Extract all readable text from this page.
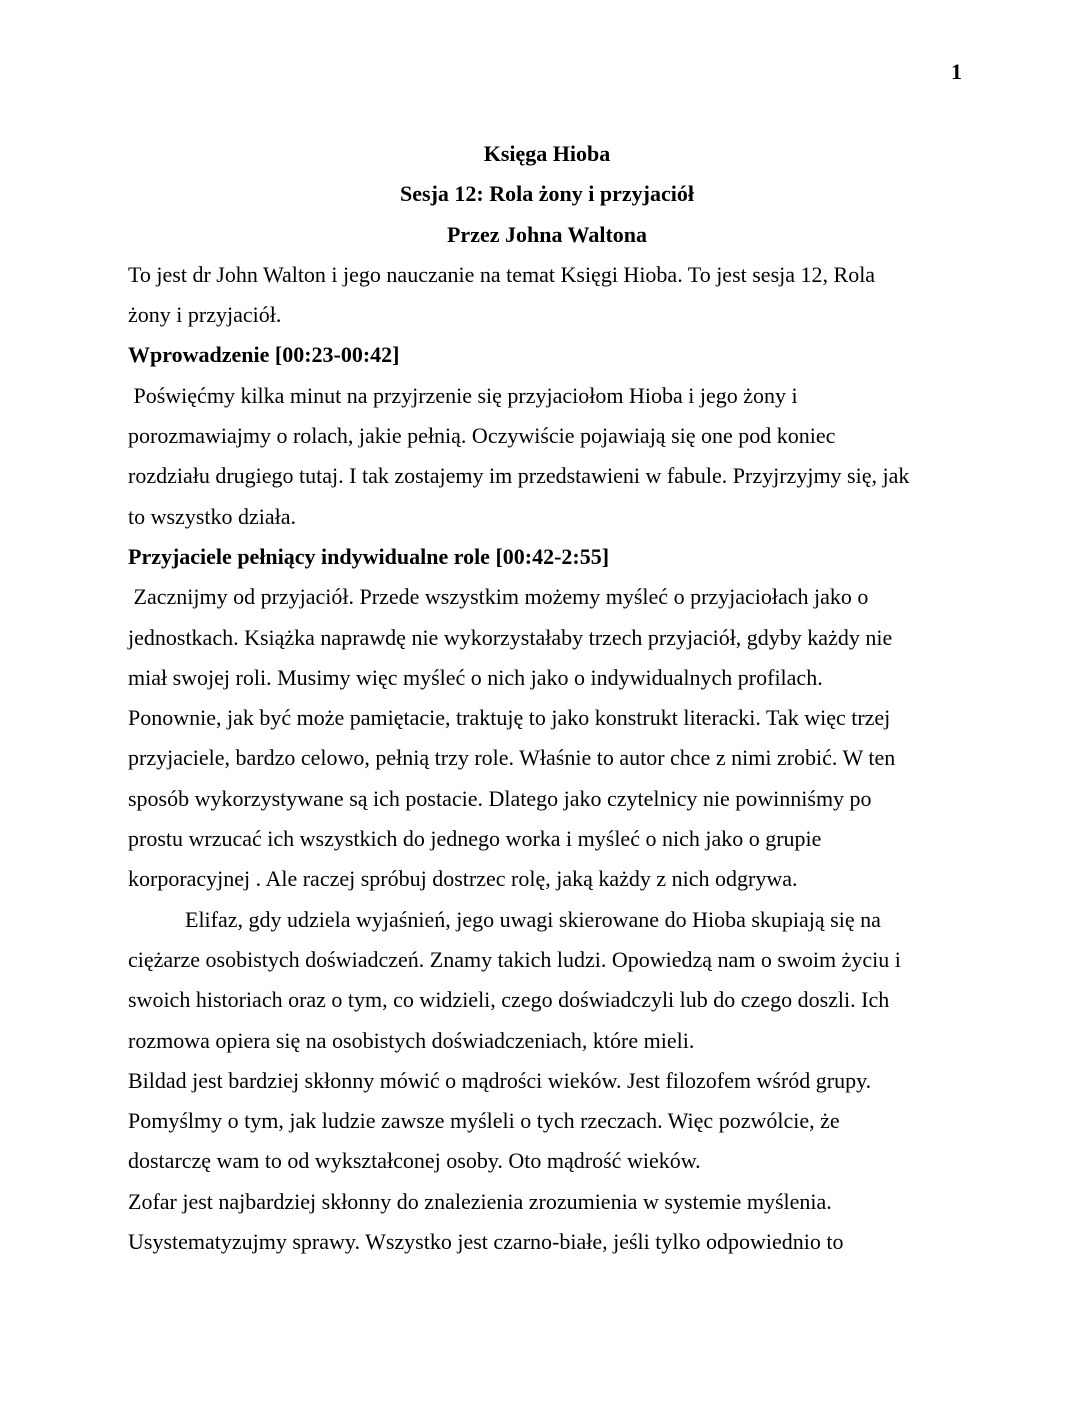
1
Księga Hioba
Sesja 12: Rola żony i przyjaciół
Przez Johna Waltona
To jest dr John Walton i jego nauczanie na temat Księgi Hioba. To jest sesja 12, Rola
żony i przyjaciół.
Wprowadzenie [00:23-00:42]
Poświęćmy kilka minut na przyjrzenie się przyjaciołom Hioba i jego żony i
porozmawiajmy o rolach, jakie pełnią. Oczywiście pojawiają się one pod koniec
rozdziału drugiego tutaj. I tak zostajemy im przedstawieni w fabule. Przyjrzyjmy się, jak
to wszystko działa.
Przyjaciele pełniący indywidualne role [00:42-2:55]
Zacznijmy od przyjaciół. Przede wszystkim możemy myśleć o przyjaciołach jako o
jednostkach. Książka naprawdę nie wykorzystałaby trzech przyjaciół, gdyby każdy nie
miał swojej roli. Musimy więc myśleć o nich jako o indywidualnych profilach.
Ponownie, jak być może pamiętacie, traktuję to jako konstrukt literacki. Tak więc trzej
przyjaciele, bardzo celowo, pełnią trzy role. Właśnie to autor chce z nimi zrobić. W ten
sposób wykorzystywane są ich postacie. Dlatego jako czytelnicy nie powinniśmy po
prostu wrzucać ich wszystkich do jednego worka i myśleć o nich jako o grupie
korporacyjnej . Ale raczej spróbuj dostrzec rolę, jaką każdy z nich odgrywa.
Elifaz, gdy udziela wyjaśnień, jego uwagi skierowane do Hioba skupiają się na
ciężarze osobistych doświadczeń. Znamy takich ludzi. Opowiedzą nam o swoim życiu i
swoich historiach oraz o tym, co widzieli, czego doświadczyli lub do czego doszli. Ich
rozmowa opiera się na osobistych doświadczeniach, które mieli.
Bildad jest bardziej skłonny mówić o mądrości wieków. Jest filozofem wśród grupy.
Pomyślmy o tym, jak ludzie zawsze myśleli o tych rzeczach. Więc pozwólcie, że
dostarczę wam to od wykształconej osoby. Oto mądrość wieków.
Zofar jest najbardziej skłonny do znalezienia zrozumienia w systemie myślenia.
Usystematyzujmy sprawy. Wszystko jest czarno-białe, jeśli tylko odpowiednio to
